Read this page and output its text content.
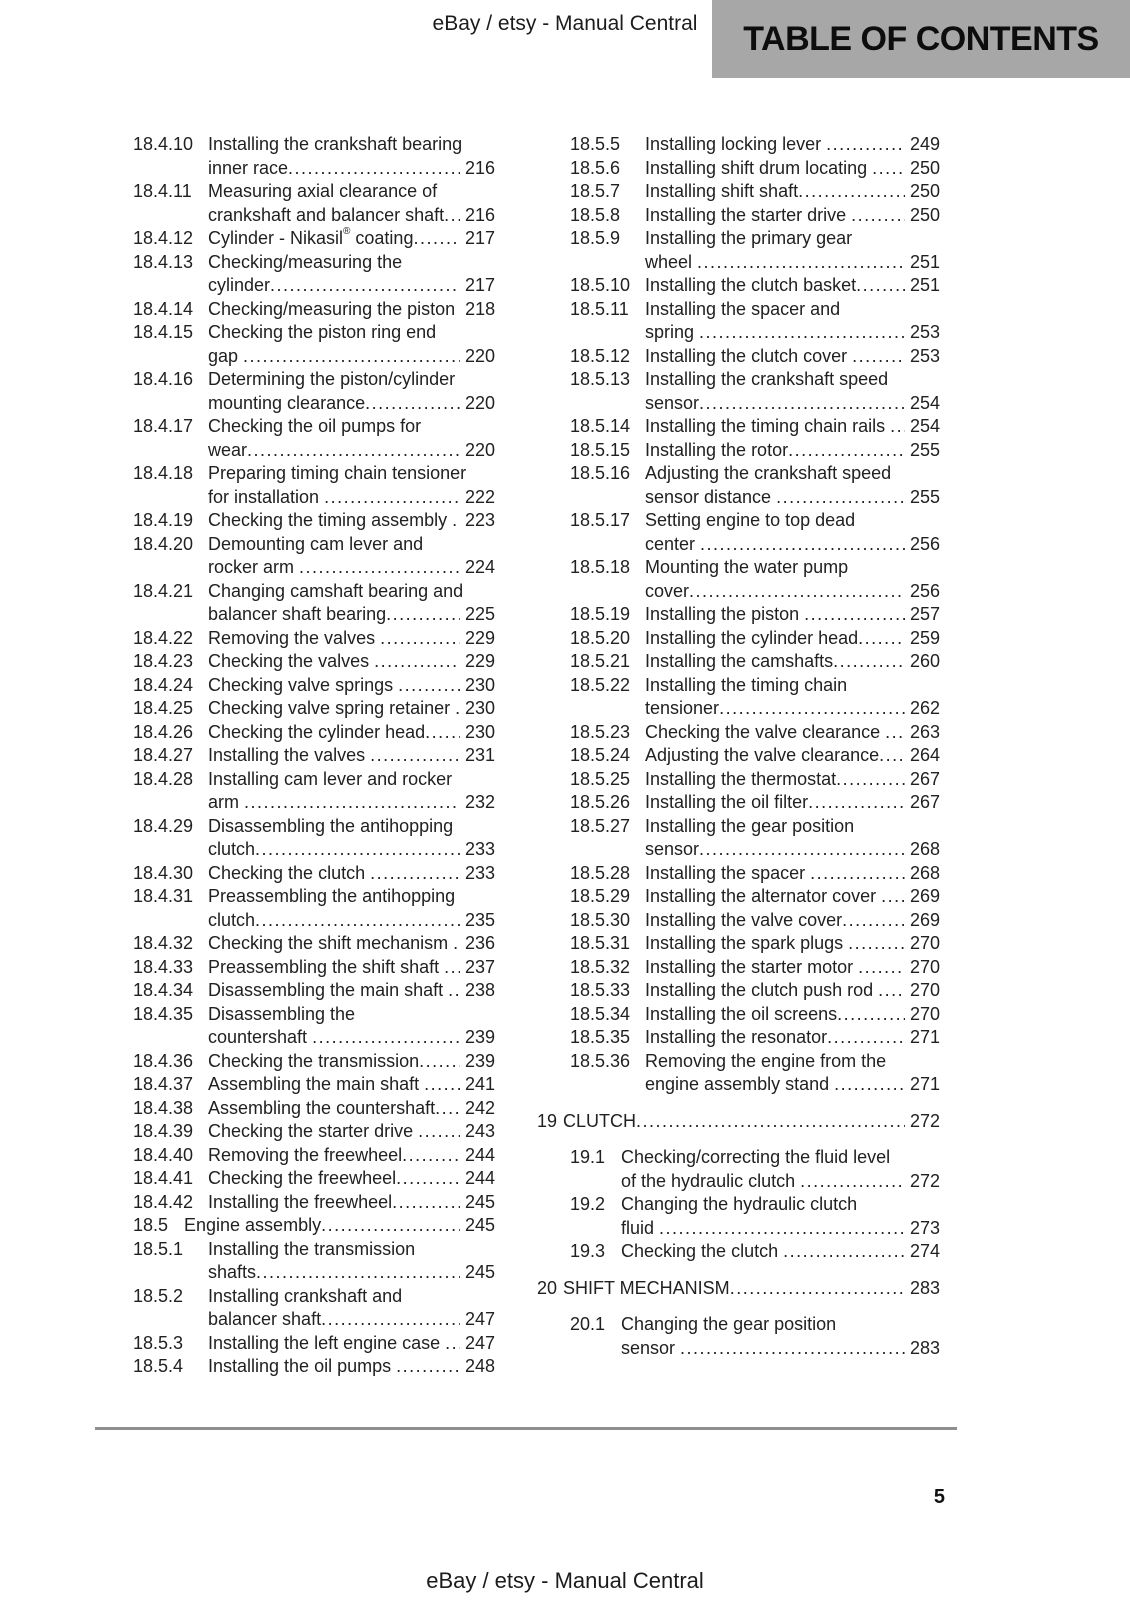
eBay / etsy - Manual Central	TABLE OF CONTENTS
18.4.10 Installing the crankshaft bearing
inner race .....	216
18.4.11 Measuring axial clearance of
crankshaft and balancer shaft ..... 216
18.4.12 Cylinder - Nikasil® coating .....	217
18.4.13 Checking/measuring the
cylinder .....	217
18.4.14 Checking/measuring the piston 218
18.4.15 Checking the piston ring end
gap .....	220
18.4.16 Determining the piston/cylinder
mounting clearance .....	220
18.4.17 Checking the oil pumps for
wear .....	220
18.4.18 Preparing timing chain tensioner
for installation .....	222
18.4.19 Checking the timing assembly ..... 223
18.4.20 Demounting cam lever and
rocker arm .....	224
18.4.21 Changing camshaft bearing and
balancer shaft bearing .....	225
18.4.22 Removing the valves .....	229
18.4.23 Checking the valves .....	229
18.4.24 Checking valve springs .....	230
18.4.25 Checking valve spring retainer ..... 230
18.4.26 Checking the cylinder head ..... 230
18.4.27 Installing the valves .....	231
18.4.28 Installing cam lever and rocker
arm .....	232
18.4.29 Disassembling the antihopping
clutch .....	233
18.4.30 Checking the clutch .....	233
18.4.31 Preassembling the antihopping
clutch .....	235
18.4.32 Checking the shift mechanism ..... 236
18.4.33 Preassembling the shift shaft ..... 237
18.4.34 Disassembling the main shaft ..... 238
18.4.35 Disassembling the
countershaft .....	239
18.4.36 Checking the transmission .....	239
18.4.37 Assembling the main shaft ..... 241
18.4.38 Assembling the countershaft ..... 242
18.4.39 Checking the starter drive .....	243
18.4.40 Removing the freewheel .....	244
18.4.41 Checking the freewheel .....	244
18.4.42 Installing the freewheel .....	245
18.5 Engine assembly .....	245
18.5.1	Installing the transmission
shafts .....	245
18.5.2	Installing crankshaft and
balancer shaft .....	247
18.5.3	Installing the left engine case ..... 247
18.5.4	Installing the oil pumps .....	248
18.5.5	Installing locking lever .....	249
18.5.6	Installing shift drum locating ..... 250
18.5.7	Installing shift shaft .....	250
18.5.8	Installing the starter drive .....	250
18.5.9	Installing the primary gear
wheel .....	251
18.5.10 Installing the clutch basket .....	251
18.5.11 Installing the spacer and
spring .....	253
18.5.12 Installing the clutch cover .....	253
18.5.13 Installing the crankshaft speed
sensor .....	254
18.5.14 Installing the timing chain rails ..... 254
18.5.15 Installing the rotor .....	255
18.5.16 Adjusting the crankshaft speed
sensor distance .....	255
18.5.17 Setting engine to top dead
center .....	256
18.5.18 Mounting the water pump
cover .....	256
18.5.19 Installing the piston .....	257
18.5.20 Installing the cylinder head .....	259
18.5.21 Installing the camshafts .....	260
18.5.22 Installing the timing chain
tensioner .....	262
18.5.23 Checking the valve clearance ..... 263
18.5.24 Adjusting the valve clearance ..... 264
18.5.25 Installing the thermostat .....	267
18.5.26 Installing the oil filter .....	267
18.5.27 Installing the gear position
sensor .....	268
18.5.28 Installing the spacer .....	268
18.5.29 Installing the alternator cover ..... 269
18.5.30 Installing the valve cover .....	269
18.5.31 Installing the spark plugs .....	270
18.5.32 Installing the starter motor .....	270
18.5.33 Installing the clutch push rod ..... 270
18.5.34 Installing the oil screens .....	270
18.5.35 Installing the resonator .....	271
18.5.36 Removing the engine from the
engine assembly stand .....	271
19 CLUTCH .....	272
19.1 Checking/correcting the fluid level
of the hydraulic clutch .....	272
19.2 Changing the hydraulic clutch
fluid .....	273
19.3 Checking the clutch .....	274
20 SHIFT MECHANISM .....	283
20.1 Changing the gear position
sensor .....	283
5
eBay / etsy - Manual Central
